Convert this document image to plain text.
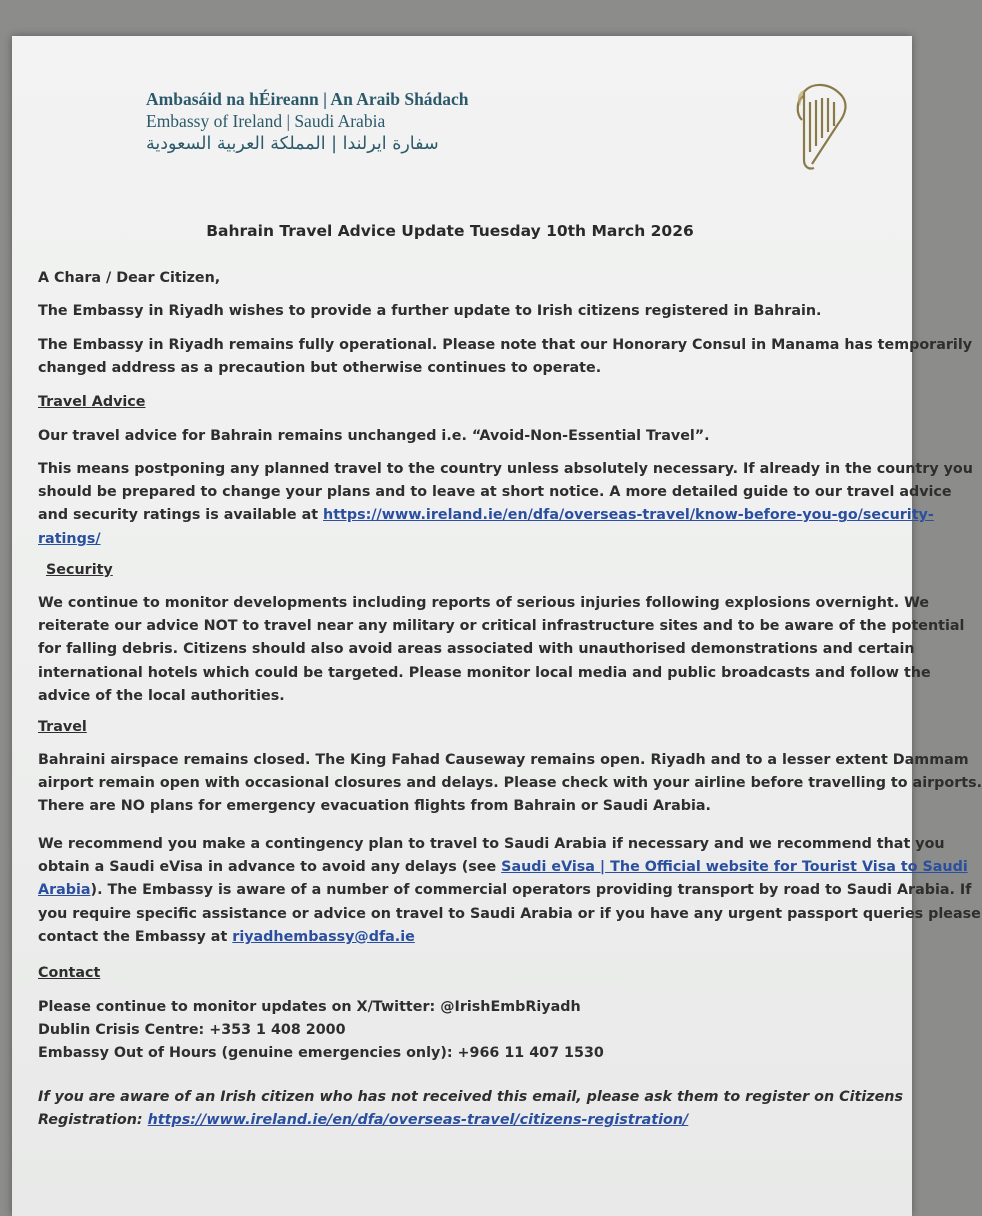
Ambasáid na hÉireann | An Araib Shádach
Embassy of Ireland | Saudi Arabia
سفارة ايرلندا | المملكة العربية السعودية
Bahrain Travel Advice Update Tuesday 10th March 2026
A Chara / Dear Citizen,
The Embassy in Riyadh wishes to provide a further update to Irish citizens registered in Bahrain.
The Embassy in Riyadh remains fully operational. Please note that our Honorary Consul in Manama has temporarily
changed address as a precaution but otherwise continues to operate.
Travel Advice
Our travel advice for Bahrain remains unchanged i.e. “Avoid-Non-Essential Travel”.
This means postponing any planned travel to the country unless absolutely necessary. If already in the country you
should be prepared to change your plans and to leave at short notice. A more detailed guide to our travel advice
and security ratings is available at https://www.ireland.ie/en/dfa/overseas-travel/know-before-you-go/security-
ratings/
Security
We continue to monitor developments including reports of serious injuries following explosions overnight. We
reiterate our advice NOT to travel near any military or critical infrastructure sites and to be aware of the potential
for falling debris. Citizens should also avoid areas associated with unauthorised demonstrations and certain
international hotels which could be targeted. Please monitor local media and public broadcasts and follow the
advice of the local authorities.
Travel
Bahraini airspace remains closed. The King Fahad Causeway remains open. Riyadh and to a lesser extent Dammam
airport remain open with occasional closures and delays. Please check with your airline before travelling to airports.
There are NO plans for emergency evacuation flights from Bahrain or Saudi Arabia.
We recommend you make a contingency plan to travel to Saudi Arabia if necessary and we recommend that you
obtain a Saudi eVisa in advance to avoid any delays (see Saudi eVisa | The Official website for Tourist Visa to Saudi
Arabia). The Embassy is aware of a number of commercial operators providing transport by road to Saudi Arabia. If
you require specific assistance or advice on travel to Saudi Arabia or if you have any urgent passport queries please
contact the Embassy at riyadhembassy@dfa.ie
Contact
Please continue to monitor updates on X/Twitter: @IrishEmbRiyadh
Dublin Crisis Centre: +353 1 408 2000
Embassy Out of Hours (genuine emergencies only): +966 11 407 1530
If you are aware of an Irish citizen who has not received this email, please ask them to register on Citizens
Registration: https://www.ireland.ie/en/dfa/overseas-travel/citizens-registration/
